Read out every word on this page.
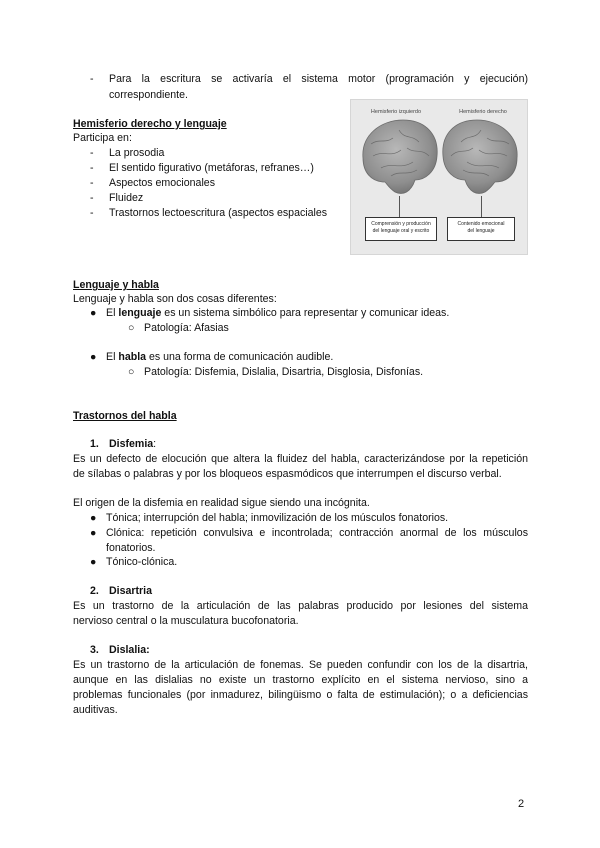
- Para la escritura se activaría el sistema motor (programación y ejecución)
correspondiente.
Hemisferio derecho y lenguaje
Participa en:
- La prosodia
- El sentido figurativo (metáforas, refranes…)
- Aspectos emocionales
- Fluidez
- Trastornos lectoescritura (aspectos espaciales
Hemisferio izquierdo	Hemisferio derecho
Comprensión y producción
del lenguaje oral y escrito
Contenido emocional
del lenguaje
Lenguaje y habla
Lenguaje y habla son dos cosas diferentes:
● El lenguaje es un sistema simbólico para representar y comunicar ideas.
○ Patología: Afasias
● El habla es una forma de comunicación audible.
○ Patología: Disfemia, Dislalia, Disartria, Disglosia, Disfonías.
Trastornos del habla
1. Disfemia:
Es un defecto de elocución que altera la fluidez del habla, caracterizándose por la repetición
de sílabas o palabras y por los bloqueos espasmódicos que interrumpen el discurso verbal.
El origen de la disfemia en realidad sigue siendo una incógnita.
● Tónica; interrupción del habla; inmovilización de los músculos fonatorios.
● Clónica: repetición convulsiva e incontrolada; contracción anormal de los músculos
fonatorios.
● Tónico-clónica.
2. Disartria
Es un trastorno de la articulación de las palabras producido por lesiones del sistema
nervioso central o la musculatura bucofonatoria.
3. Dislalia:
Es un trastorno de la articulación de fonemas. Se pueden confundir con los de la disartria,
aunque en las dislalias no existe un trastorno explícito en el sistema nervioso, sino a
problemas funcionales (por inmadurez, bilingüismo o falta de estimulación); o a deficiencias
auditivas.
2
